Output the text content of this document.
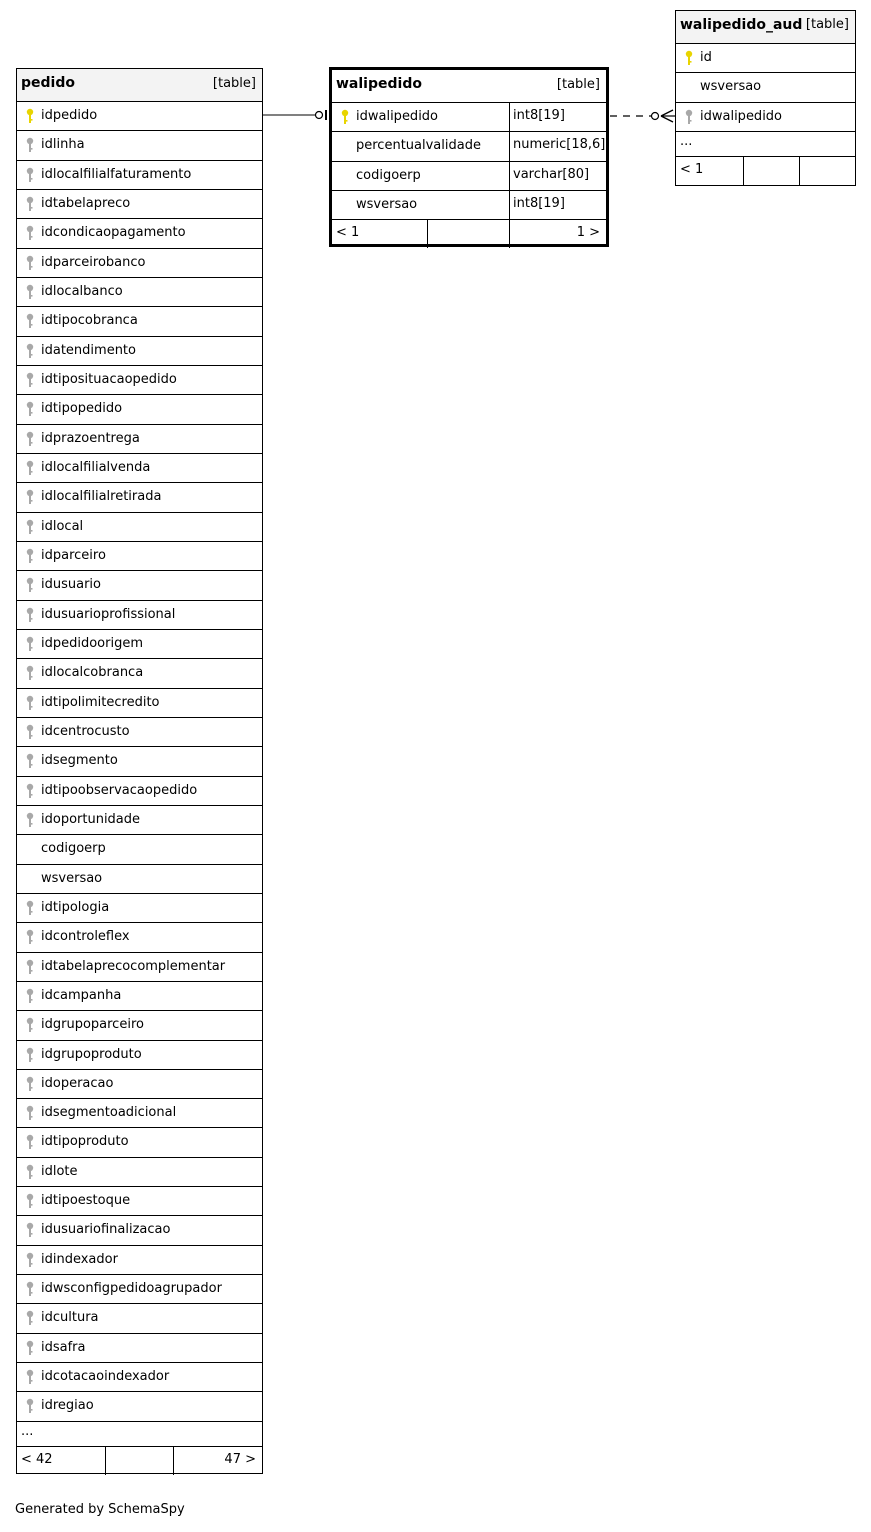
pedido	[table]
idpedido
idlinha
idlocalfilialfaturamento
idtabelapreco
idcondicaopagamento
idparceirobanco
idlocalbanco
idtipocobranca
idatendimento
idtiposituacaopedido
idtipopedido
idprazoentrega
idlocalfilialvenda
idlocalfilialretirada
idlocal
idparceiro
idusuario
idusuarioprofissional
idpedidoorigem
idlocalcobranca
idtipolimitecredito
idcentrocusto
idsegmento
idtipoobservacaopedido
idoportunidade
codigoerp
wsversao
idtipologia
idcontroleflex
idtabelaprecocomplementar
idcampanha
idgrupoparceiro
idgrupoproduto
idoperacao
idsegmentoadicional
idtipoproduto
idlote
idtipoestoque
idusuariofinalizacao
idindexador
idwsconfigpedidoagrupador
idcultura
idsafra
idcotacaoindexador
idregiao
...
< 42	47 >
walipedido	[table]
idwalipedido	int8[19]
percentualvalidade	numeric[18,6]
codigoerp	varchar[80]
wsversao	int8[19]
< 1	1 >
walipedido_aud [table]
id
wsversao
idwalipedido
...
< 1
Generated by SchemaSpy
